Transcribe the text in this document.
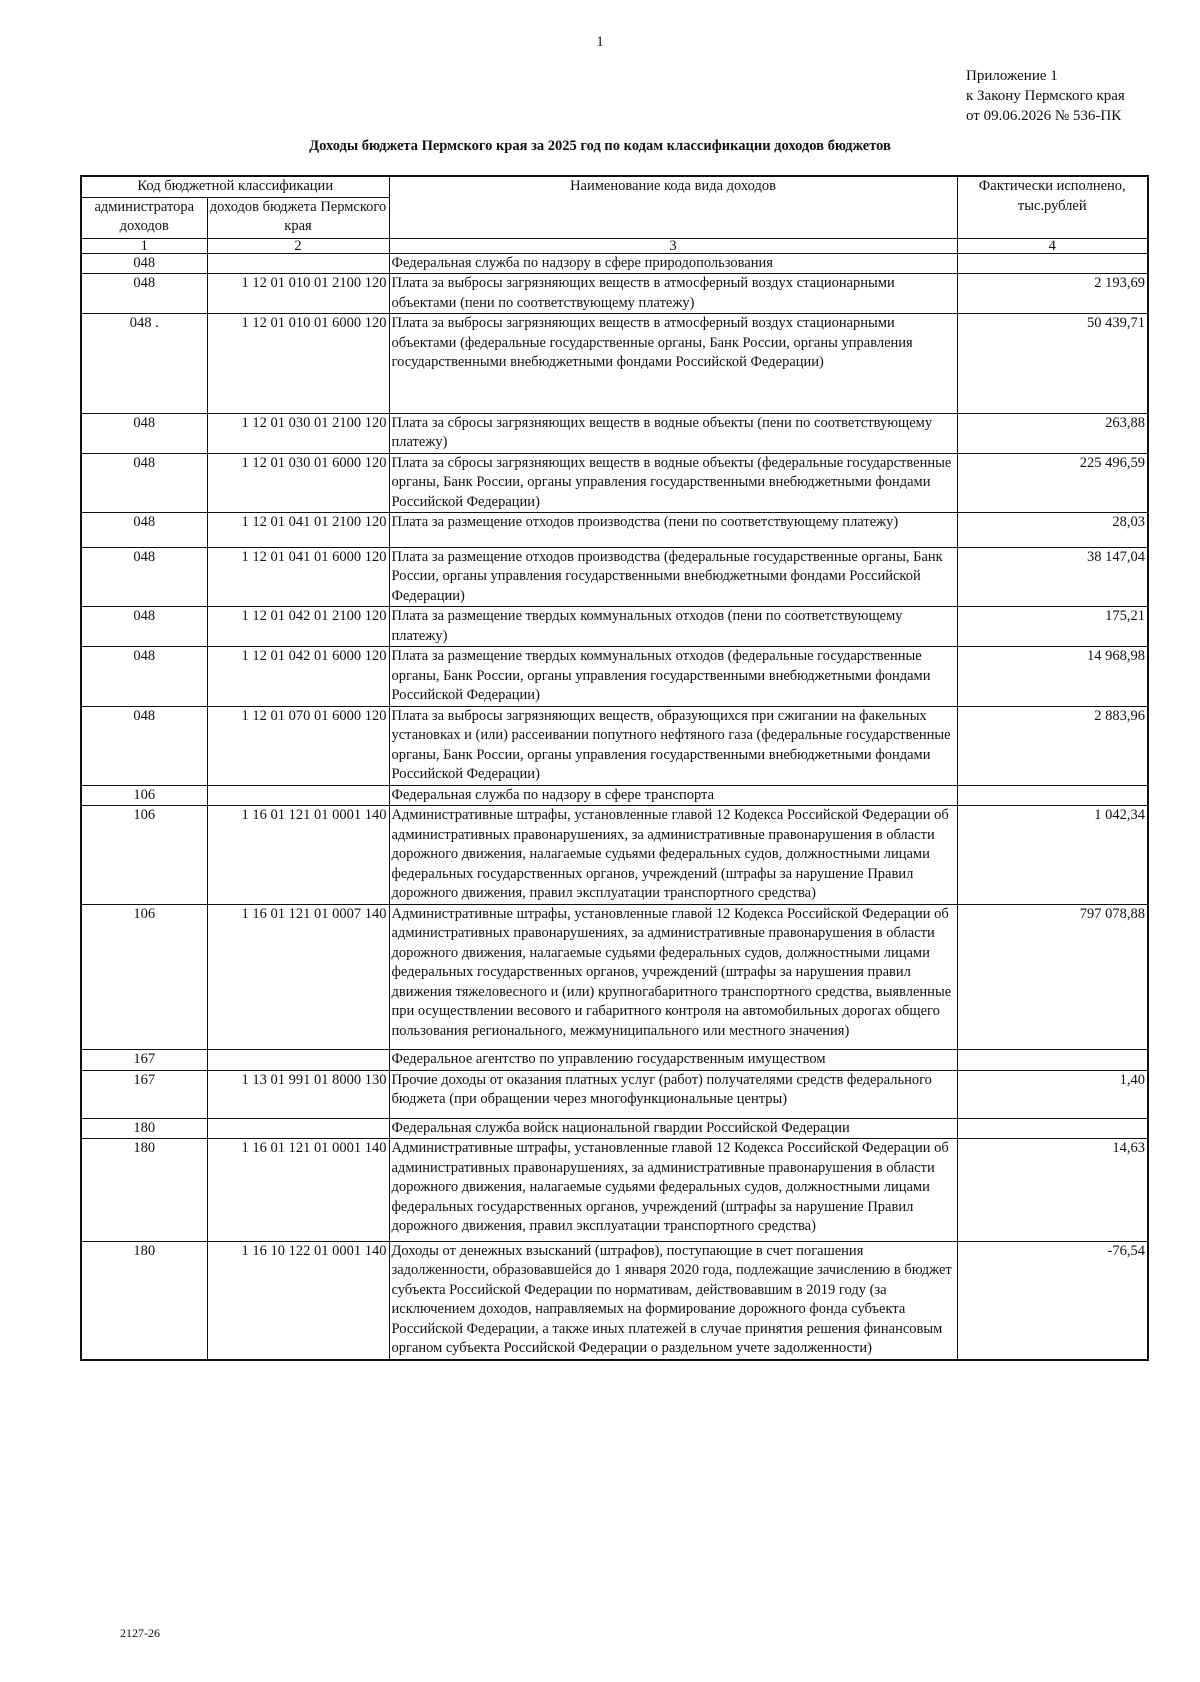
1
Приложение 1
к Закону Пермского края
от 09.06.2026 № 536-ПК
Доходы бюджета Пермского края за 2025 год по кодам классификации доходов бюджетов
Код бюджетной классификации		Наименование кода вида доходов	Фактически исполнено, тыс.рублей
администратора доходов	доходов бюджета Пермского края		
1	2	3	4
048		Федеральная служба по надзору в сфере природопользования	
048	1 12 01 010 01 2100 120	Плата за выбросы загрязняющих веществ в атмосферный воздух стационарными объектами (пени по соответствующему платежу)	2 193,69
048 .	1 12 01 010 01 6000 120	Плата за выбросы загрязняющих веществ в атмосферный воздух стационарными объектами (федеральные государственные органы, Банк России, органы управления государственными внебюджетными фондами Российской Федерации)	50 439,71
048	1 12 01 030 01 2100 120	Плата за сбросы загрязняющих веществ в водные объекты (пени по соответствующему платежу)	263,88
048	1 12 01 030 01 6000 120	Плата за сбросы загрязняющих веществ в водные объекты (федеральные государственные органы, Банк России, органы управления государственными внебюджетными фондами Российской Федерации)	225 496,59
048	1 12 01 041 01 2100 120	Плата за размещение отходов производства (пени по соответствующему платежу)	28,03
048	1 12 01 041 01 6000 120	Плата за размещение отходов производства (федеральные государственные органы, Банк России, органы управления государственными внебюджетными фондами Российской Федерации)	38 147,04
048	1 12 01 042 01 2100 120	Плата за размещение твердых коммунальных отходов (пени по соответствующему платежу)	175,21
048	1 12 01 042 01 6000 120	Плата за размещение твердых коммунальных отходов (федеральные государственные органы, Банк России, органы управления государственными внебюджетными фондами Российской Федерации)	14 968,98
048	1 12 01 070 01 6000 120	Плата за выбросы загрязняющих веществ, образующихся при сжигании на факельных установках и (или) рассеивании попутного нефтяного газа (федеральные государственные органы, Банк России, органы управления государственными внебюджетными фондами Российской Федерации)	2 883,96
106		Федеральная служба по надзору в сфере транспорта	
106	1 16 01 121 01 0001 140	Административные штрафы, установленные главой 12 Кодекса Российской Федерации об административных правонарушениях, за административные правонарушения в области дорожного движения, налагаемые судьями федеральных судов, должностными лицами федеральных государственных органов, учреждений (штрафы за нарушение Правил дорожного движения, правил эксплуатации транспортного средства)	1 042,34
106	1 16 01 121 01 0007 140	Административные штрафы, установленные главой 12 Кодекса Российской Федерации об административных правонарушениях, за административные правонарушения в области дорожного движения, налагаемые судьями федеральных судов, должностными лицами федеральных государственных органов, учреждений (штрафы за нарушения правил движения тяжеловесного и (или) крупногабаритного транспортного средства, выявленные при осуществлении весового и габаритного контроля на автомобильных дорогах общего пользования регионального, межмуниципального или местного значения)	797 078,88
167		Федеральное агентство по управлению государственным имуществом	
167	1 13 01 991 01 8000 130	Прочие доходы от оказания платных услуг (работ) получателями средств федерального бюджета (при обращении через многофункциональные центры)	1,40
180		Федеральная служба войск национальной гвардии Российской Федерации	
180	1 16 01 121 01 0001 140	Административные штрафы, установленные главой 12 Кодекса Российской Федерации об административных правонарушениях, за административные правонарушения в области дорожного движения, налагаемые судьями федеральных судов, должностными лицами федеральных государственных органов, учреждений (штрафы за нарушение Правил дорожного движения, правил эксплуатации транспортного средства)	14,63
180	1 16 10 122 01 0001 140	Доходы от денежных взысканий (штрафов), поступающие в счет погашения задолженности, образовавшейся до 1 января 2020 года, подлежащие зачислению в бюджет субъекта Российской Федерации по нормативам, действовавшим в 2019 году (за исключением доходов, направляемых на формирование дорожного фонда субъекта Российской Федерации, а также иных платежей в случае принятия решения финансовым органом субъекта Российской Федерации о раздельном учете задолженности)	-76,54
2127-26
